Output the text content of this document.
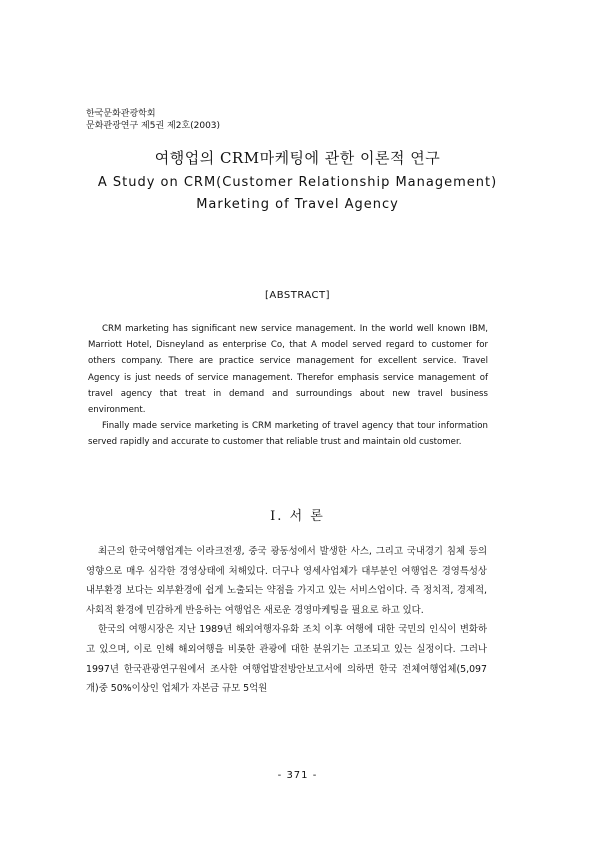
한국문화관광학회
문화관광연구 제5권 제2호(2003)
여행업의 CRM마케팅에 관한 이론적 연구
A Study on CRM(Customer Relationship Management)
Marketing of Travel Agency
[ABSTRACT]

CRM marketing has significant new service management. In the world well known IBM, Marriott Hotel, Disneyland as enterprise Co, that A model served regard to customer for others company. There are practice service management for excellent service. Travel Agency is just needs of service management. Therefor emphasis service management of travel agency that treat in demand and surroundings about new travel business environment.

Finally made service marketing is CRM marketing of travel agency that tour information served rapidly and accurate to customer that reliable trust and maintain old customer.

Ⅰ. 서 론

최근의 한국여행업계는 이라크전쟁, 중국 광동성에서 발생한 사스, 그리고 국내경기 침체 등의 영향으로 매우 심각한 경영상태에 처해있다. 더구나 영세사업체가 대부분인 여행업은 경영특성상 내부환경 보다는 외부환경에 쉽게 노출되는 약점을 가지고 있는 서비스업이다. 즉 정치적, 경제적, 사회적 환경에 민감하게 반응하는 여행업은 새로운 경영마케팅을 필요로 하고 있다.

한국의 여행시장은 지난 1989년 해외여행자유화 조치 이후 여행에 대한 국민의 인식이 변화하고 있으며, 이로 인해 해외여행을 비롯한 관광에 대한 분위기는 고조되고 있는 실정이다. 그러나 1997년 한국관광연구원에서 조사한 여행업발전방안보고서에 의하면 한국 전체여행업체(5,097개)중 50%이상인 업체가 자본금 규모 5억원

- 371 -
